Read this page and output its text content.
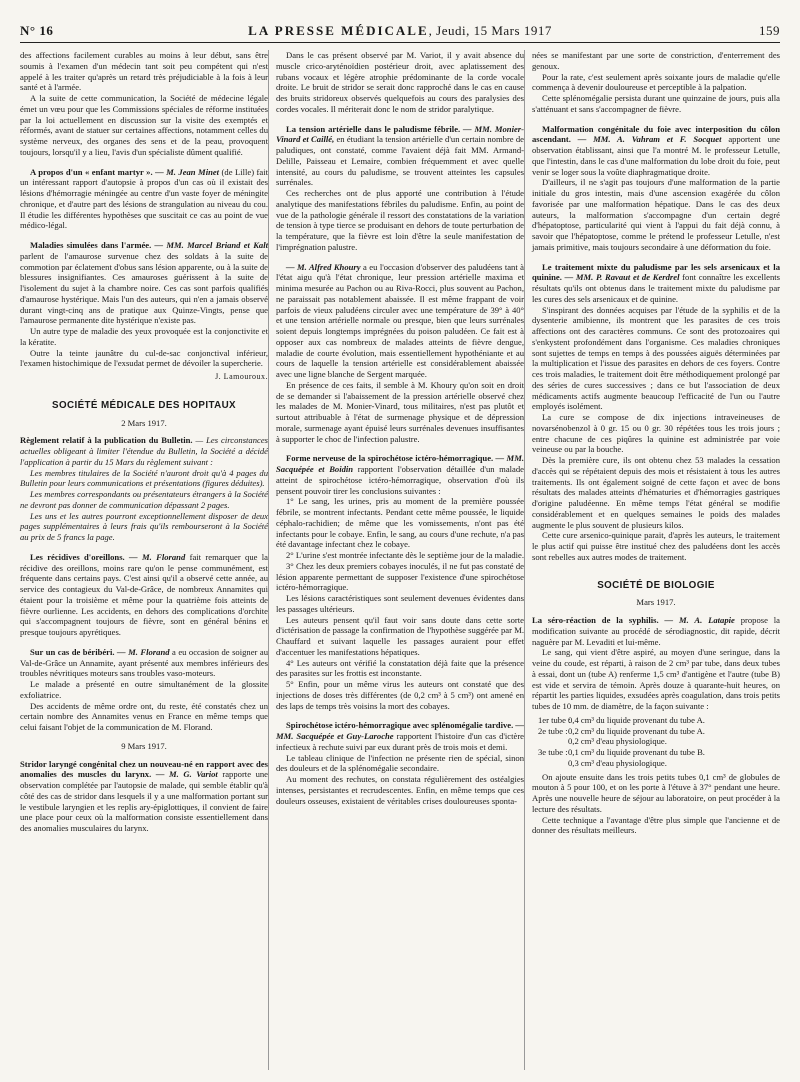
N° 16	LA PRESSE MÉDICALE, Jeudi, 15 Mars 1917	159

des affections facilement curables au moins à leur début, sans être soumis à l'examen d'un médecin tant soit peu compétent qui n'est appelé à les traiter qu'après un retard très préjudiciable à la fois à leur santé et à l'armée.

A la suite de cette communication, la Société de médecine légale émet un vœu pour que les Commissions spéciales de réforme instituées par la loi actuellement en discussion sur la visite des exemptés et réformés, avant de statuer sur certaines affections, notamment celles du système nerveux, des organes des sens et de la peau, provoquent toujours, lorsqu'il y a lieu, l'avis d'un spécialiste dûment qualifié.

A propos d'un « enfant martyr ». — M. Jean Minet (de Lille) fait un intéressant rapport d'autopsie à propos d'un cas où il existait des lésions d'hémorragie méningée au centre d'un vaste foyer de méningite chronique, et d'autre part des lésions de strangulation au niveau du cou. Il étudie les différentes hypothèses que suscitait ce cas au point de vue médico-légal.

Maladies simulées dans l'armée. — MM. Marcel Briand et Kalt parlent de l'amaurose survenue chez des soldats à la suite de commotion par éclatement d'obus sans lésion apparente, ou à la suite de blessures insignifiantes. Ces amauroses guérissent à la suite de l'isolement du sujet à la chambre noire. Ces cas sont parfois qualifiés d'amaurose hystérique. Mais l'un des auteurs, qui n'en a jamais observé durant vingt-cinq ans de pratique aux Quinze-Vingts, pense que l'amaurose permanente dite hystérique n'existe pas.

Un autre type de maladie des yeux provoquée est la conjonctivite et la kératite.

Outre la teinte jaunâtre du cul-de-sac conjonctival inférieur, l'examen histochimique de l'exsudat permet de dévoiler la supercherie.

J. Lamouroux.
SOCIÉTÉ MÉDICALE DES HOPITAUX
2 Mars 1917.

Règlement relatif à la publication du Bulletin. — Les circonstances actuelles obligeant à limiter l'étendue du Bulletin, la Société a décidé l'application à partir du 15 Mars du règlement suivant :

Les membres titulaires de la Société n'auront droit qu'à 4 pages du Bulletin pour leurs communications et présentations (figures déduites).

Les membres correspondants ou présentateurs étrangers à la Société ne devront pas donner de communication dépassant 2 pages.

Les uns et les autres pourront exceptionnellement disposer de deux pages supplémentaires à leurs frais qu'ils rembourseront à la Société au prix de 5 francs la page.

Les récidives d'oreillons. — M. Florand fait remarquer que la récidive des oreillons, moins rare qu'on le pense communément, est fréquente dans certains pays. C'est ainsi qu'il a observé cette année, au service des contagieux du Val-de-Grâce, de nombreux Annamites qui étaient pour la troisième et même pour la quatrième fois atteints de fièvre ourlienne. Les accidents, en dehors des complications d'orchite qui s'accompagnent toujours de fièvre, sont en général bénins et presque toujours apyrétiques.

Sur un cas de béribéri. — M. Florand a eu occasion de soigner au Val-de-Grâce un Annamite, ayant présenté aux membres inférieurs des troubles névritiques moteurs sans troubles vaso-moteurs.

Le malade a présenté en outre simultanément de la glossite exfoliatrice.

Des accidents de même ordre ont, du reste, été constatés chez un certain nombre des Annamites venus en France en même temps que celui faisant l'objet de la communication de M. Florand.

9 Mars 1917.

Stridor laryngé congénital chez un nouveau-né en rapport avec des anomalies des muscles du larynx. — M. G. Variot rapporte une observation complétée par l'autopsie de malade, qui semble établir qu'à côté des cas de stridor dans lesquels il y a une malformation portant sur le vestibule laryngien et les replis ary-épiglottiques, il convient de faire une place pour ceux où la malformation consiste essentiellement dans des anomalies musculaires du larynx.

Dans le cas présent observé par M. Variot, il y avait absence du muscle crico-aryténoïdien postérieur droit, avec aplatissement des rubans vocaux et légère atrophie prédominante de la corde vocale droite. Le bruit de stridor se serait donc rapproché dans le cas en cause des bruits stridoreux observés quelquefois au cours des paralysies des cordes vocales. Il mériterait donc le nom de stridor paralytique.

La tension artérielle dans le paludisme fébrile. — MM. Monier-Vinard et Caillé, en étudiant la tension artérielle d'un certain nombre de paludiques, ont constaté, comme l'avaient déjà fait MM. Armand-Delille, Paisseau et Lemaire, combien fréquemment et avec quelle intensité, au cours du paludisme, se trouvent atteintes les capsules surrénales.

Ces recherches ont de plus apporté une contribution à l'étude analytique des manifestations fébriles du paludisme. Enfin, au point de vue de la pathologie générale il ressort des constatations de la variation de tension à type tierce se produisant en dehors de toute perturbation de la température, que la fièvre est loin d'être la seule manifestation de l'imprégnation palustre.

— M. Alfred Khoury a eu l'occasion d'observer des paludéens tant à l'état aigu qu'à l'état chronique, leur pression artérielle maxima et minima mesurée au Pachon ou au Riva-Rocci, plus souvent au Pachon, ne paraissait pas notablement abaissée. Il est même frappant de voir parfois de vieux paludéens circuler avec une température de 39° à 40° et une tension artérielle normale ou presque, bien que leurs surrénales soient depuis longtemps imprégnées du poison paludéen. Ce fait est à opposer aux cas nombreux de malades atteints de fièvre dengue, maladie de courte évolution, mais essentiellement hypothéniante et au cours de laquelle la tension artérielle est considérablement abaissée avec une ligne blanche de Sergent marquée.

En présence de ces faits, il semble à M. Khoury qu'on soit en droit de se demander si l'abaissement de la pression artérielle observé chez les malades de M. Monier-Vinard, tous militaires, n'est pas plutôt et surtout attribuable à l'état de surmenage physique et de dépression morale, surmenage ayant épuisé leurs surrénales devenues insuffisantes à supporter le choc de l'infection palustre.

Forme nerveuse de la spirochétose ictéro-hémorragique. — MM. Sacquépée et Boidin rapportent l'observation détaillée d'un malade atteint de spirochétose ictéro-hémorragique, observation d'où ils pensent pouvoir tirer les conclusions suivantes :

1° Le sang, les urines, pris au moment de la première poussée fébrile, se montrent infectants. Pendant cette même poussée, le liquide céphalo-rachidien; de même que les vomissements, n'ont pas été infectants pour le cobaye. Enfin, le sang, au cours d'une rechute, n'a pas été davantage infectant chez le cobaye.

2° L'urine s'est montrée infectante dès le septième jour de la maladie.

3° Chez les deux premiers cobayes inoculés, il ne fut pas constaté de lésion apparente permettant de supposer l'existence d'une spirochétose ictéro-hémorragique.

Les lésions caractéristiques sont seulement devenues évidentes dans les passages ultérieurs.

Les auteurs pensent qu'il faut voir sans doute dans cette sorte d'ictérisation de passage la confirmation de l'hypothèse suggérée par M. Chauffard et suivant laquelle les passages auraient pour effet d'accentuer les manifestations hépatiques.

4° Les auteurs ont vérifié la constatation déjà faite que la présence des parasites sur les frottis est inconstante.

5° Enfin, pour un même virus les auteurs ont constaté que des injections de doses très différentes (de 0,2 cm³ à 5 cm³) ont amené en des laps de temps très voisins la mort des cobayes.

Spirochétose ictéro-hémorragique avec splénomégalie tardive. — MM. Sacquépée et Guy-Laroche rapportent l'histoire d'un cas d'ictère infectieux à rechute suivi par eux durant près de trois mois et demi.

Le tableau clinique de l'infection ne présente rien de spécial, sinon des douleurs et de la splénomégalie secondaire.

Au moment des rechutes, on constata régulièrement des ostéalgies intenses, persistantes et recrudescentes. Enfin, en même temps que ces douleurs osseuses, existaient de véritables crises douloureuses sponta-

nées se manifestant par une sorte de constriction, d'enterrement des genoux.

Pour la rate, c'est seulement après soixante jours de maladie qu'elle commença à devenir douloureuse et perceptible à la palpation.

Cette splénomégalie persista durant une quinzaine de jours, puis alla s'atténuant et sans s'accompagner de fièvre.

Malformation congénitale du foie avec interposition du côlon ascendant. — MM. A. Vahram et F. Socquet apportent une observation établissant, ainsi que l'a montré M. le professeur Letulle, que l'intestin, dans le cas d'une malformation du lobe droit du foie, peut venir se loger sous la voûte diaphragmatique droite.

D'ailleurs, il ne s'agit pas toujours d'une malformation de la partie initiale du gros intestin, mais d'une ascension exagérée du côlon favorisée par une malformation hépatique. Dans le cas des deux auteurs, la malformation s'accompagne d'un certain degré d'hépatoptose, particularité qui vient à l'appui du fait déjà connu, à savoir que l'hépatoptose, comme le prétend le professeur Letulle, n'est jamais primitive, mais toujours secondaire à une déformation du foie.

Le traitement mixte du paludisme par les sels arsenicaux et la quinine. — MM. P. Ravaut et de Kerdrel font connaître les excellents résultats qu'ils ont obtenus dans le traitement mixte du paludisme par les cures des sels arsenicaux et de quinine.

S'inspirant des données acquises par l'étude de la syphilis et de la dysenterie amibienne, ils montrent que les parasites de ces trois affections ont des caractères communs. Ce sont des protozoaires qui s'enkystent profondément dans l'organisme. Ces maladies chroniques sont sujettes de temps en temps à des poussées aiguës déterminées par la multiplication et l'issue des parasites en dehors de ces foyers. Contre ces trois maladies, le traitement doit être méthodiquement prolongé par des séries de cures successives ; dans ce but l'association de deux médicaments actifs augmente beaucoup l'efficacité de l'un ou l'autre employés isolément.

La cure se compose de dix injections intraveineuses de novarsénobenzol à 0 gr. 15 ou 0 gr. 30 répétées tous les trois jours ; entre chacune de ces piqûres la quinine est administrée par voie veineuse ou par la bouche.

Dès la première cure, ils ont obtenu chez 53 malades la cessation d'accès qui se répétaient depuis des mois et résistaient à tous les autres traitements. Ils ont également soigné de cette façon et avec de bons résultats des malades atteints d'hématuries et d'hémorragies gastriques d'origine paludéenne. En même temps l'état général se modifie considérablement et en quelques semaines le poids des malades augmente le plus souvent de plusieurs kilos.

Cette cure arsenico-quinique parait, d'après les auteurs, le traitement le plus actif qui puisse être institué chez des paludéens dont les accès sont rebelles aux autres modes de traitement.

SOCIÉTÉ DE BIOLOGIE
Mars 1917.

La séro-réaction de la syphilis. — M. A. Latapie propose la modification suivante au procédé de sérodiagnostic, dit rapide, décrit naguère par M. Levaditi et lui-même.

Le sang, qui vient d'être aspiré, au moyen d'une seringue, dans la veine du coude, est réparti, à raison de 2 cm³ par tube, dans deux tubes à essai, dont un (tube A) renferme 1,5 cm³ d'antigène et l'autre (tube B) est vide et servira de témoin. Après douze à quarante-huit heures, on répartit les parties liquides, exsudées après coagulation, dans trois petits tubes de 10 mm. de diamètre, de la façon suivante :

1er tube :0,4 cm³ du liquide provenant du tube A.
2e tube :0,2 cm³ du liquide provenant du tube A.
0,2 cm³ d'eau physiologique.
3e tube :0,1 cm³ du liquide provenant du tube B.
0,3 cm³ d'eau physiologique.

On ajoute ensuite dans les trois petits tubes 0,1 cm³ de globules de mouton à 5 pour 100, et on les porte à l'étuve à 37° pendant une heure. Après une nouvelle heure de séjour au laboratoire, on peut procéder à la lecture des résultats.

Cette technique a l'avantage d'être plus simple que l'ancienne et de donner des résultats meilleurs.
